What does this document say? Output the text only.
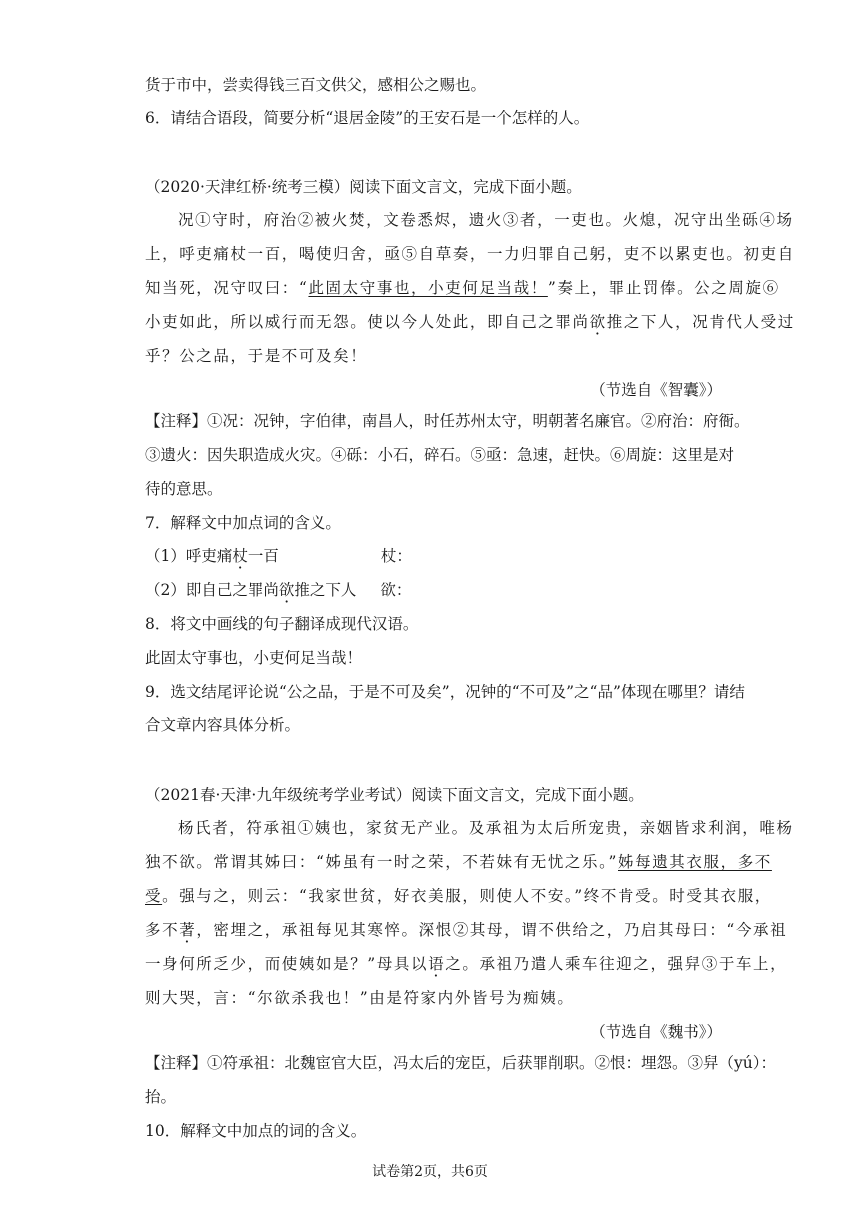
货于市中，尝卖得钱三百文供父，感相公之赐也。
6．请结合语段，简要分析“退居金陵”的王安石是一个怎样的人。
（2020·天津红桥·统考三模）阅读下面文言文，完成下面小题。
况①守时，府治②被火焚，文卷悉烬，遗火③者，一吏也。火熄，况守出坐砾④场
上，呼吏痛杖一百，喝使归舍，亟⑤自草奏，一力归罪自己躬，吏不以累吏也。初吏自
知当死，况守叹曰：“此固太守事也，小吏何足当哉！”奏上，罪止罚俸。公之周旋⑥
小吏如此，所以威行而无怨。使以今人处此，即自己之罪尚欲推之下人，况肯代人受过
乎？公之品，于是不可及矣！
（节选自《智囊》）
【注释】①况：况钟，字伯律，南昌人，时任苏州太守，明朝著名廉官。②府治：府衙。
③遗火：因失职造成火灾。④砾：小石，碎石。⑤亟：急速，赶快。⑥周旋：这里是对
待的意思。
7．解释文中加点词的含义。
（1）呼吏痛杖一百	杖：
（2）即自己之罪尚欲推之下人 欲：
8．将文中画线的句子翻译成现代汉语。
此固太守事也，小吏何足当哉！
9．选文结尾评论说“公之品，于是不可及矣”，况钟的“不可及”之“品”体现在哪里？请结
合文章内容具体分析。
（2021春·天津·九年级统考学业考试）阅读下面文言文，完成下面小题。
杨氏者，符承祖①姨也，家贫无产业。及承祖为太后所宠贵，亲姻皆求利润，唯杨
独不欲。常谓其姊曰：“姊虽有一时之荣，不若妹有无忧之乐。”姊每遗其衣服，多不
受。强与之，则云：“我家世贫，好衣美服，则使人不安。”终不肯受。时受其衣服，
多不著，密埋之，承祖每见其寒悴。深恨②其母，谓不供给之，乃启其母曰：“今承祖
一身何所乏少，而使姨如是？”母具以语之。承祖乃遣人乘车往迎之，强舁③于车上，
则大哭，言：“尔欲杀我也！”由是符家内外皆号为痴姨。
（节选自《魏书》）
【注释】①符承祖：北魏宦官大臣，冯太后的宠臣，后获罪削职。②恨：埋怨。③舁（yú）：
抬。
10．解释文中加点的词的含义。
试卷第2页，共6页
